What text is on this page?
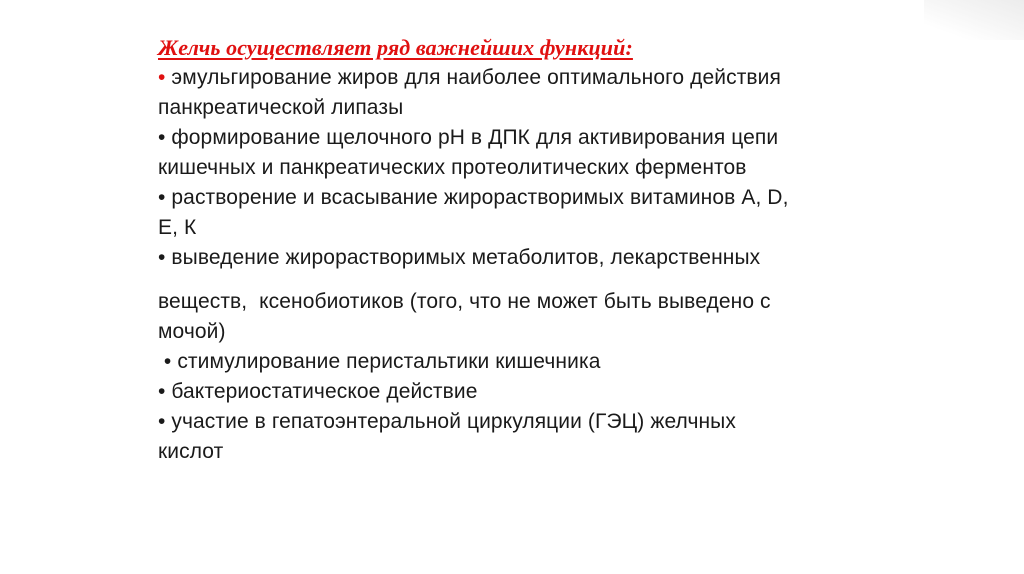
Желчь осуществляет ряд важнейших функций:

• эмульгирование жиров для наиболее оптимального действия
панкреатической липазы
• формирование щелочного рН в ДПК для активирования цепи
кишечных и панкреатических протеолитических ферментов
• растворение и всасывание жирорастворимых витаминов А, D,
Е, К
• выведение жирорастворимых метаболитов, лекарственных
веществ,  ксенобиотиков (того, что не может быть выведено с
мочой)
• стимулирование перистальтики кишечника
• бактериостатическое действие
• участие в гепатоэнтеральной циркуляции (ГЭЦ) желчных
кислот
